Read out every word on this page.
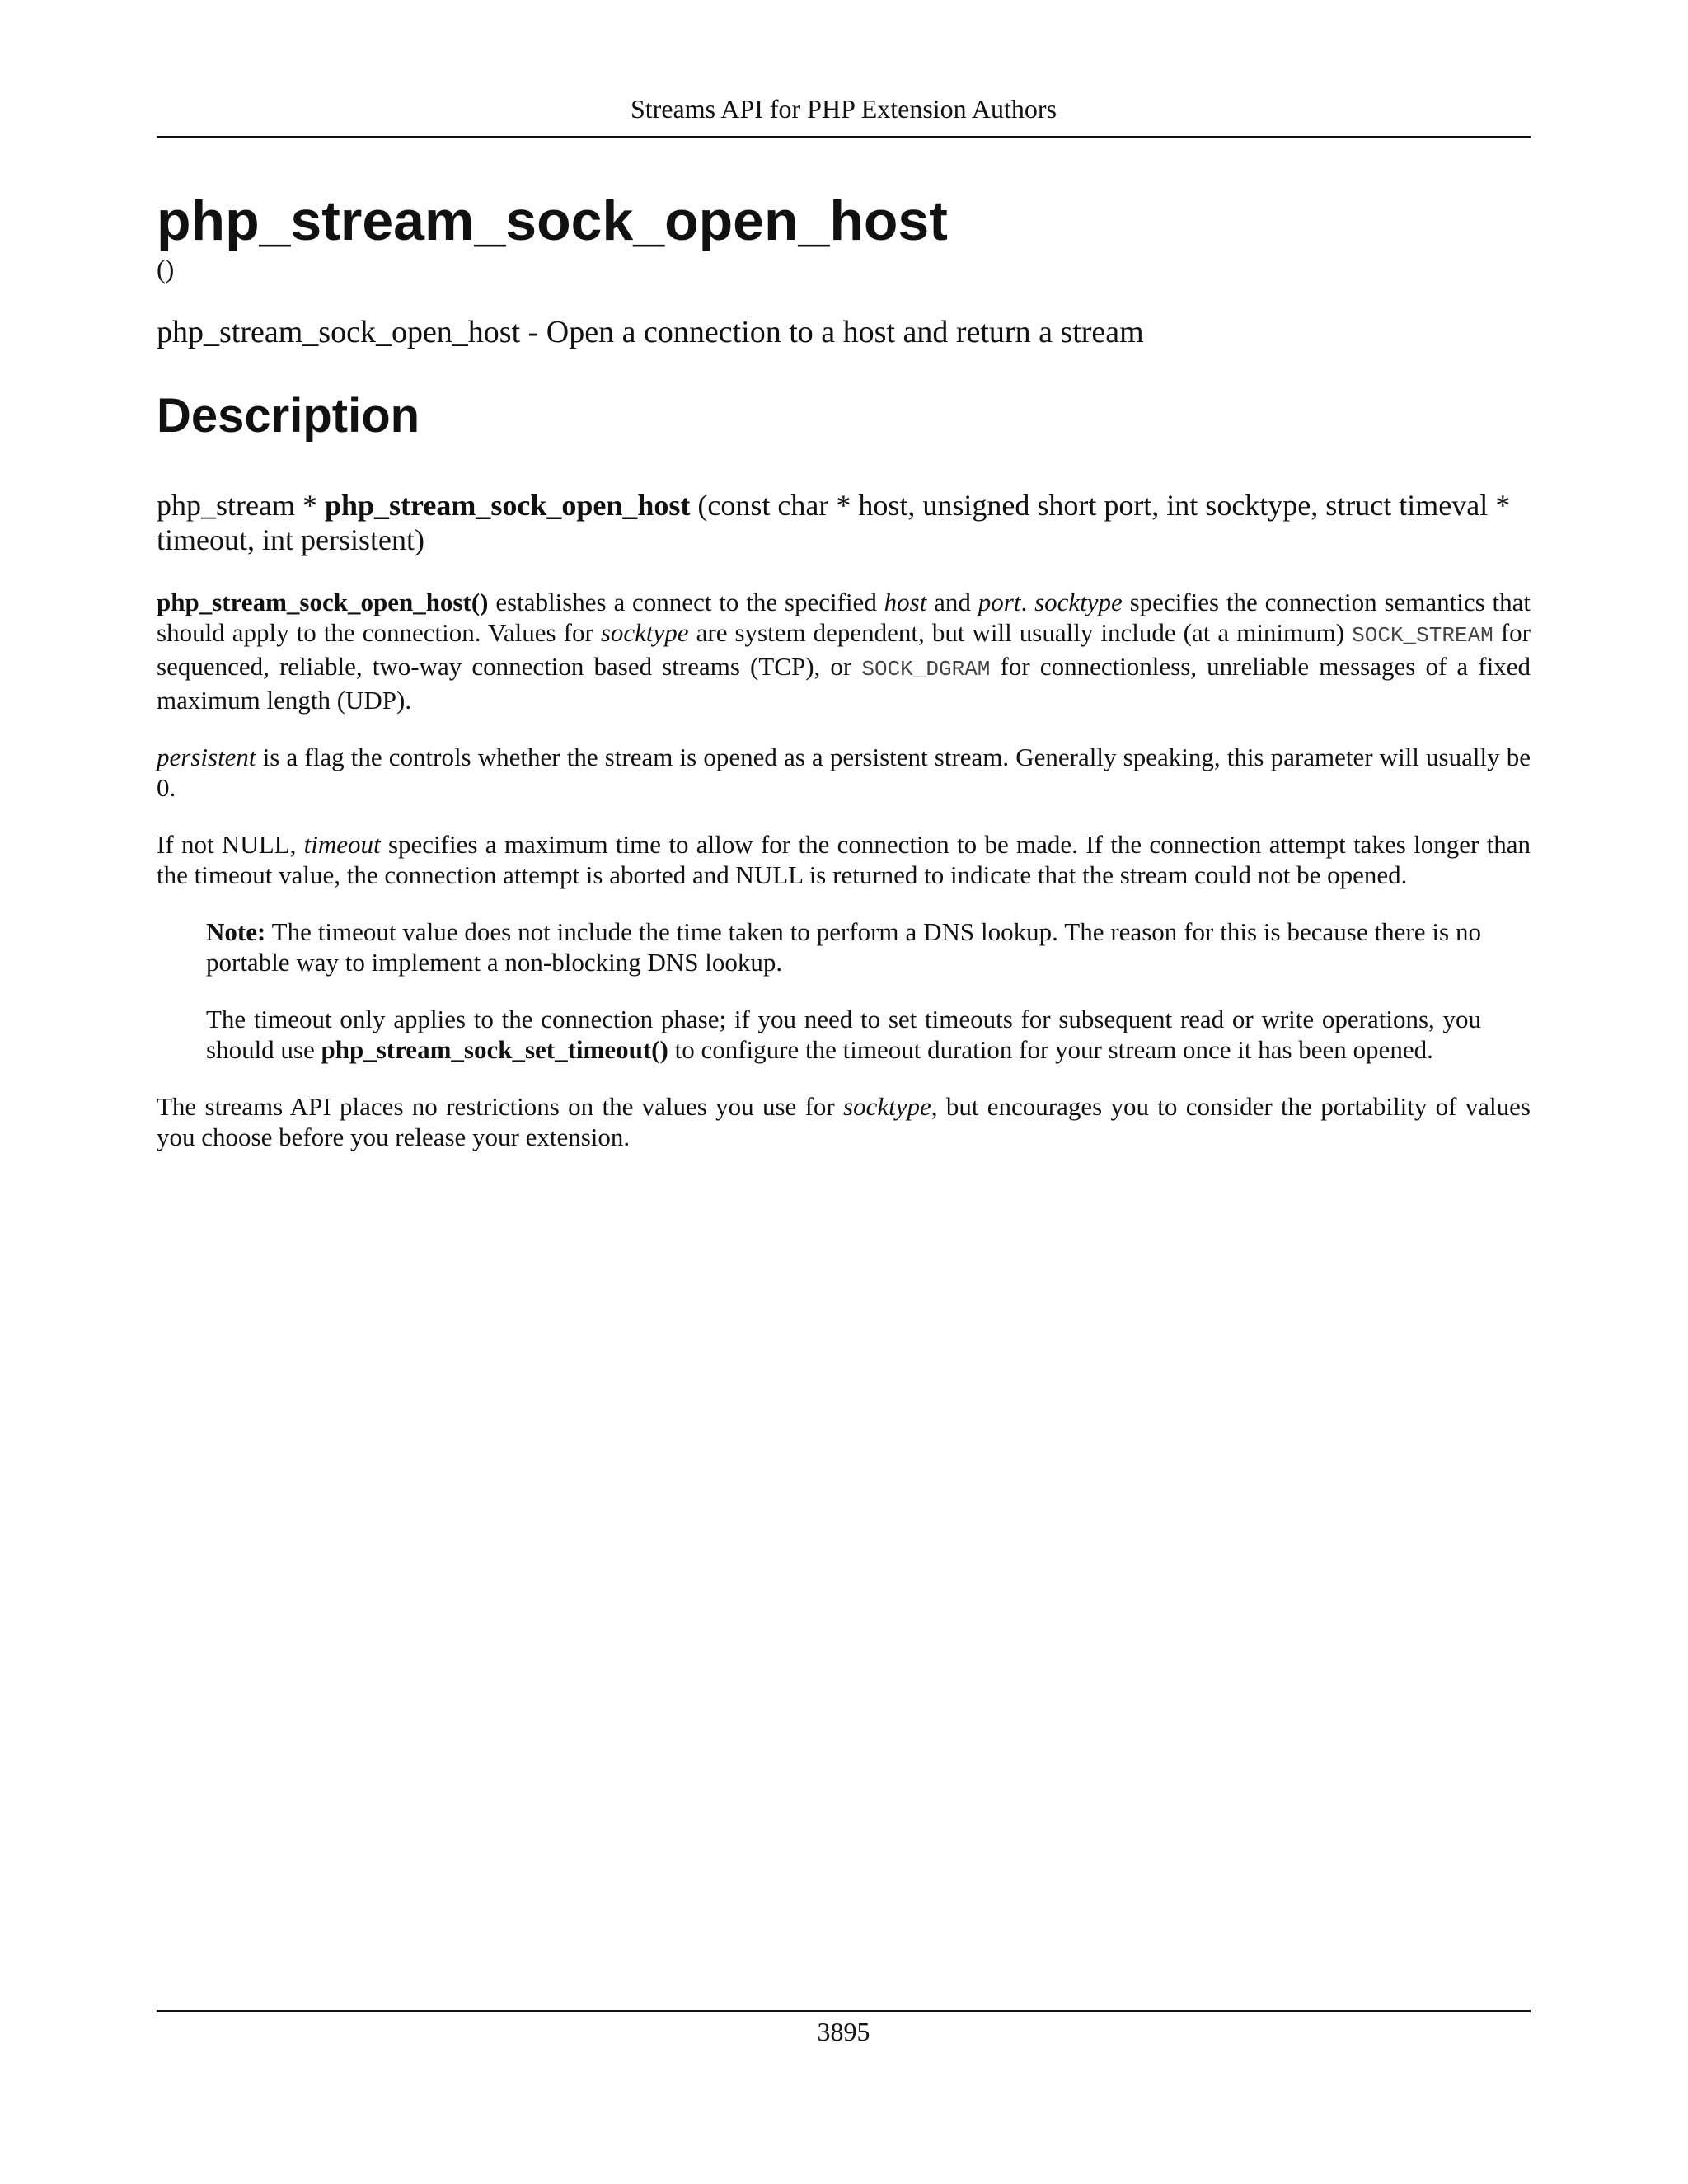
Streams API for PHP Extension Authors
php_stream_sock_open_host
()
php_stream_sock_open_host - Open a connection to a host and return a stream
Description
php_stream * php_stream_sock_open_host (const char * host, unsigned short port, int socktype, struct timeval * timeout, int persistent)

php_stream_sock_open_host() establishes a connect to the specified host and port. socktype specifies the connection semantics that should apply to the connection. Values for socktype are system dependent, but will usually include (at a minimum) SOCK_STREAM for sequenced, reliable, two-way connection based streams (TCP), or SOCK_DGRAM for connectionless, unreliable messages of a fixed maximum length (UDP).

persistent is a flag the controls whether the stream is opened as a persistent stream. Generally speaking, this parameter will usually be 0.

If not NULL, timeout specifies a maximum time to allow for the connection to be made. If the connection attempt takes longer than the timeout value, the connection attempt is aborted and NULL is returned to indicate that the stream could not be opened.

Note: The timeout value does not include the time taken to perform a DNS lookup. The reason for this is because there is no portable way to implement a non-blocking DNS lookup.

The timeout only applies to the connection phase; if you need to set timeouts for subsequent read or write operations, you should use php_stream_sock_set_timeout() to configure the timeout duration for your stream once it has been opened.

The streams API places no restrictions on the values you use for socktype, but encourages you to consider the portability of values you choose before you release your extension.

3895
